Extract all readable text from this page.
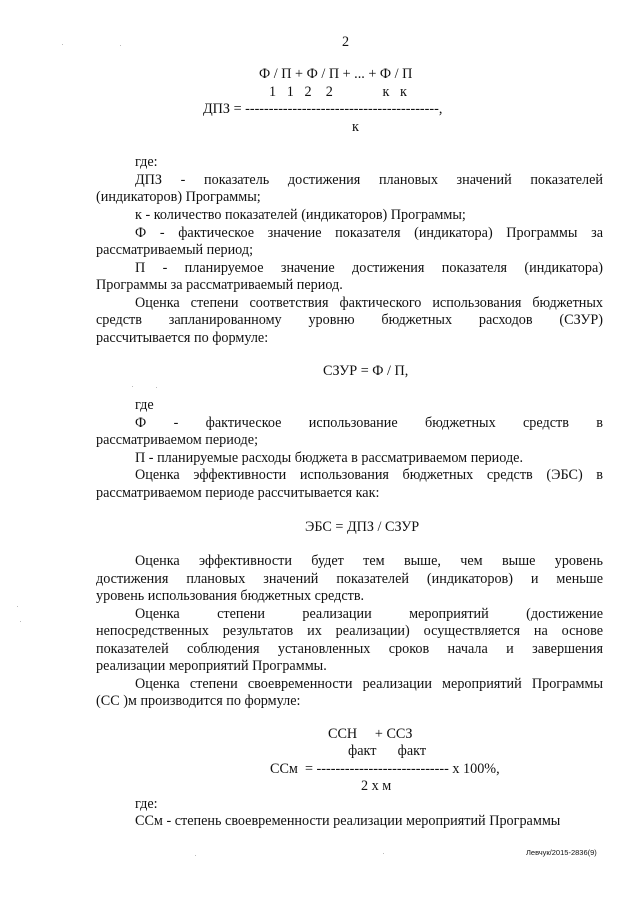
2
Ф / П + Ф / П + ... + Ф / П
1   1   2    2              к   к
ДПЗ = -----------------------------------------,
к
где:
ДПЗ - показатель достижения плановых значений показателей
(индикаторов) Программы;
к - количество показателей (индикаторов) Программы;
Ф - фактическое значение показателя (индикатора) Программы за
рассматриваемый период;
П - планируемое значение достижения показателя (индикатора)
Программы за рассматриваемый период.
Оценка степени соответствия фактического использования бюджетных
средств запланированному уровню бюджетных расходов (СЗУР)
рассчитывается по формуле:
СЗУР = Ф / П,
где
Ф - фактическое использование бюджетных средств в
рассматриваемом периоде;
П - планируемые расходы бюджета в рассматриваемом периоде.
Оценка эффективности использования бюджетных средств (ЭБС) в
рассматриваемом периоде рассчитывается как:
ЭБС = ДПЗ / СЗУР
Оценка эффективности будет тем выше, чем выше уровень
достижения плановых значений показателей (индикаторов) и меньше
уровень использования бюджетных средств.
Оценка степени реализации мероприятий (достижение
непосредственных результатов их реализации) осуществляется на основе
показателей соблюдения установленных сроков начала и завершения
реализации мероприятий Программы.
Оценка степени своевременности реализации мероприятий Программы
(СС )м производится по формуле:
ССН     + ССЗ
факт      факт
ССм  = ---------------------------- х 100%,
2 х м
где:
ССм - степень своевременности реализации мероприятий Программы
Левчук/2015-2836(9)
